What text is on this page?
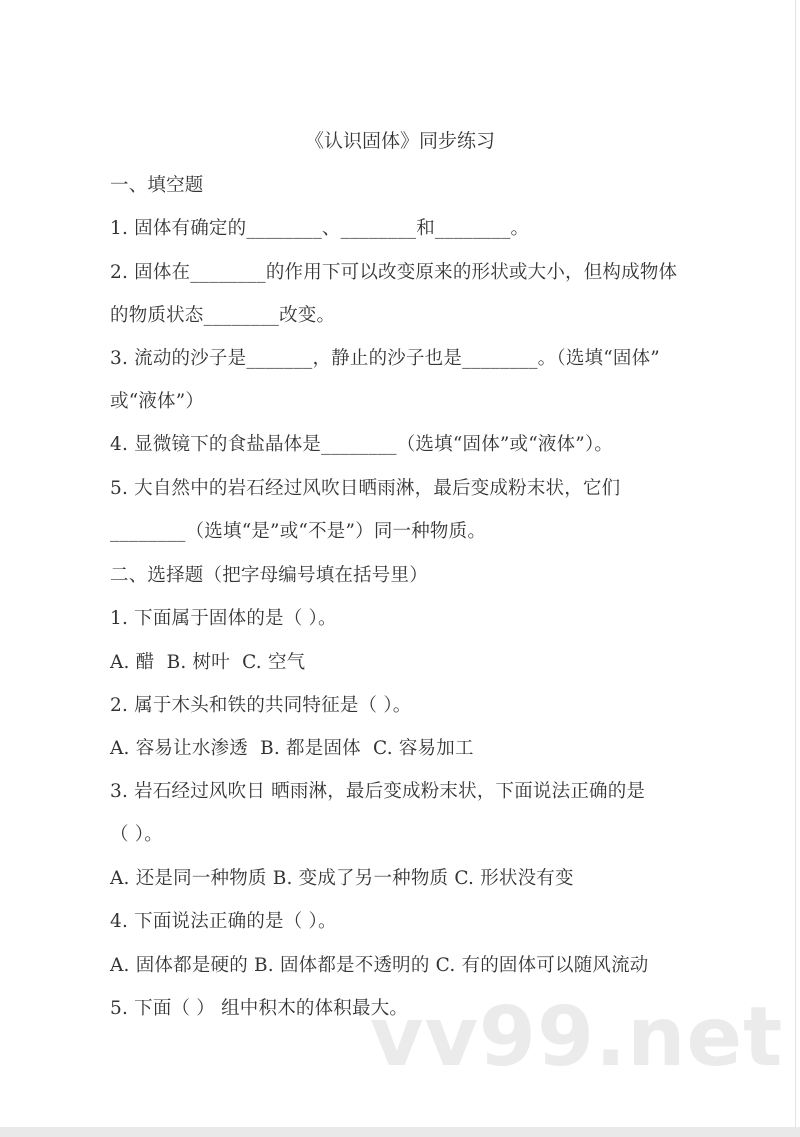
《认识固体》同步练习
一、填空题
1. 固体有确定的________、________和________。
2. 固体在________的作用下可以改变原来的形状或大小，但构成物体
的物质状态________改变。
3. 流动的沙子是_______，静止的沙子也是________。（选填“固体”
或“液体”）
4. 显微镜下的食盐晶体是________（选填“固体”或“液体”）。
5. 大自然中的岩石经过风吹日晒雨淋，最后变成粉末状，它们
________（选填“是”或“不是”）同一种物质。
二、选择题（把字母编号填在括号里）
1. 下面属于固体的是（ ）。
A. 醋  B. 树叶  C. 空气
2. 属于木头和铁的共同特征是（ ）。
A. 容易让水渗透  B. 都是固体  C. 容易加工
3. 岩石经过风吹日 晒雨淋，最后变成粉末状，下面说法正确的是
（ ）。
A. 还是同一种物质 B. 变成了另一种物质 C. 形状没有变
4. 下面说法正确的是（ ）。
A. 固体都是硬的 B. 固体都是不透明的 C. 有的固体可以随风流动
5. 下面（ ） 组中积木的体积最大。
vv99.net
